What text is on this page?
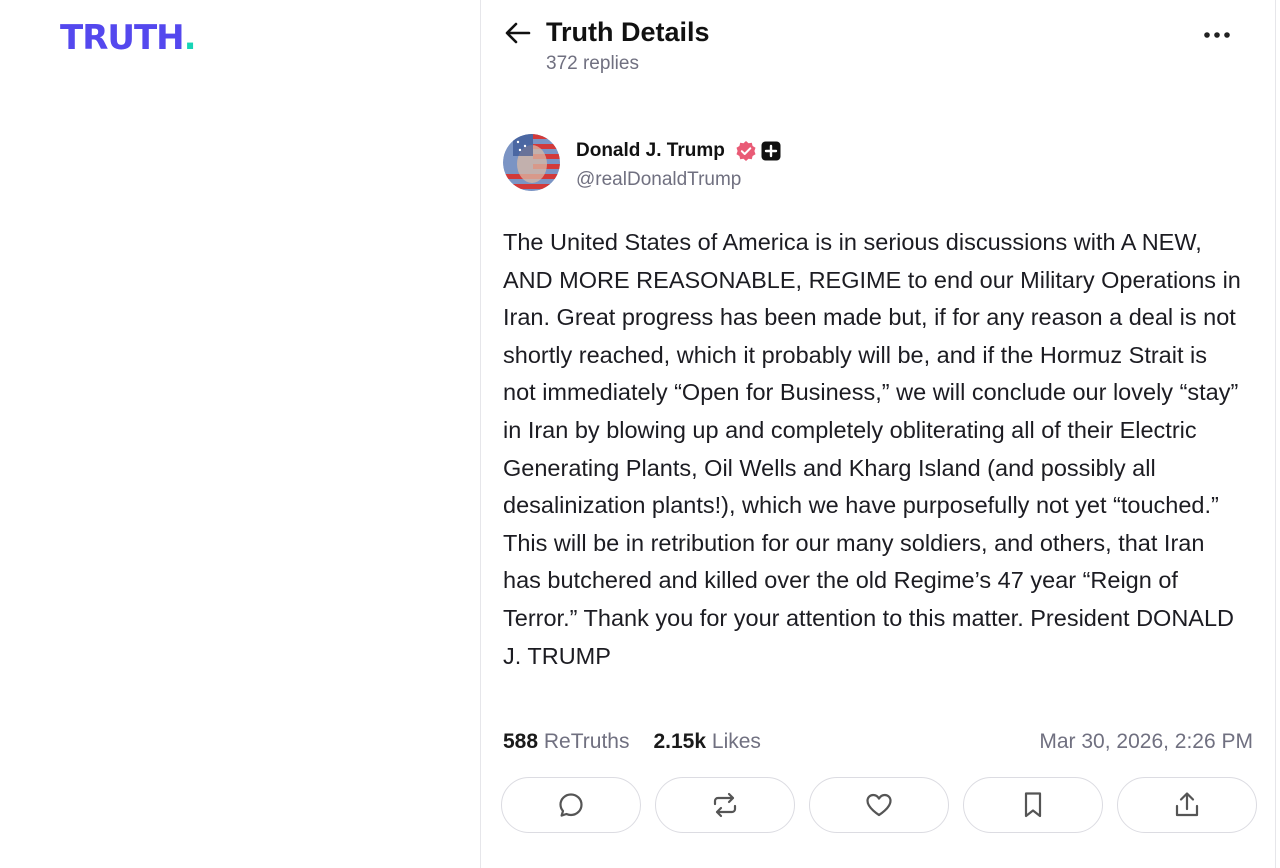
TRUTH.	Truth Details
372 replies
Donald J. Trump
@realDonaldTrump

The United States of America is in serious discussions with A NEW, AND MORE REASONABLE, REGIME to end our Military Operations in Iran. Great progress has been made but, if for any reason a deal is not shortly reached, which it probably will be, and if the Hormuz Strait is not immediately “Open for Business,” we will conclude our lovely “stay” in Iran by blowing up and completely obliterating all of their Electric Generating Plants, Oil Wells and Kharg Island (and possibly all desalinization plants!), which we have purposefully not yet “touched.” This will be in retribution for our many soldiers, and others, that Iran has butchered and killed over the old Regime’s 47 year “Reign of Terror.” Thank you for your attention to this matter. President DONALD J. TRUMP

588 ReTruths 2.15k Likes	Mar 30, 2026, 2:26 PM
